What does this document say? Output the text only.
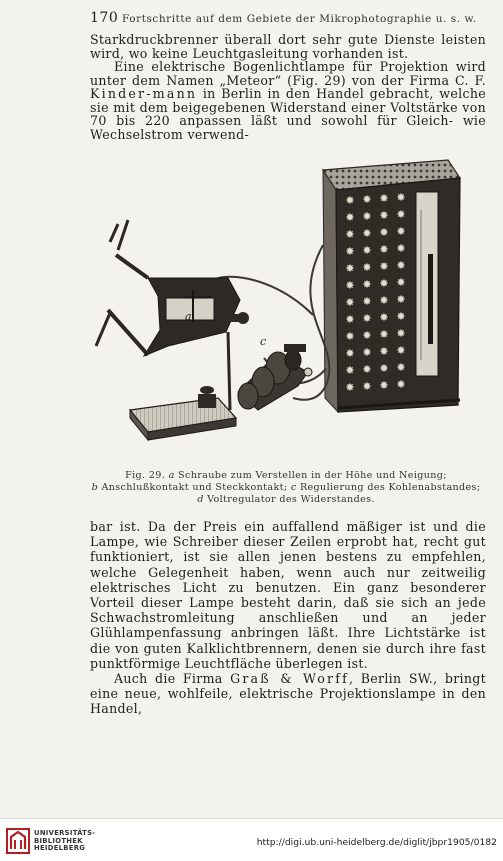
170 Fortschritte auf dem Gebiete der Mikrophotographie u. s. w.

Starkdruckbrenner überall dort sehr gute Dienste leisten wird, wo keine Leuchtgasleitung vorhanden ist.

Eine elektrische Bogenlichtlampe für Projektion wird unter dem Namen „Meteor“ (Fig. 29) von der Firma C. F. Kinder-mann in Berlin in den Handel gebracht, welche sie mit dem beigegebenen Widerstand einer Voltstärke von 70 bis 220 anpassen läßt und sowohl für Gleich- wie Wechselstrom verwend-

✸ ✸ ✸ ✸
✸ ✸ ✸ ✸
✸ ✸ ✸ ✸
✸ ✸ ✸ ✸
✸ ✸ ✸ ✸
✸ ✸ ✸ ✸
✸ ✸ ✸ ✸
✸ ✸ ✸ ✸
✸ ✸ ✸ ✸
✸ ✸ ✸ ✸
✸ ✸ ✸ ✸
✸ ✸ ✸ ✸
a
c
Fig. 29. a Schraube zum Verstellen in der Höhe und Neigung;
b Anschlußkontakt und Steckkontakt; c Regulierung des Kohlenabstandes;
d Voltregulator des Widerstandes.

bar ist. Da der Preis ein auffallend mäßiger ist und die Lampe, wie Schreiber dieser Zeilen erprobt hat, recht gut funktioniert, ist sie allen jenen bestens zu empfehlen, welche Gelegenheit haben, wenn auch nur zeitweilig elektrisches Licht zu benutzen. Ein ganz besonderer Vorteil dieser Lampe besteht darin, daß sie sich an jede Schwachstromleitung anschließen und an jeder Glühlampenfassung anbringen läßt. Ihre Lichtstärke ist die von guten Kalklichtbrennern, denen sie durch ihre fast punktförmige Leuchtfläche überlegen ist.

Auch die Firma Graß & Worff, Berlin SW., bringt eine neue, wohlfeile, elektrische Projektionslampe in den Handel,

UNIVERSITÄTS-
BIBLIOTHEK
HEIDELBERG
http://digi.ub.uni-heidelberg.de/diglit/jbpr1905/0182
